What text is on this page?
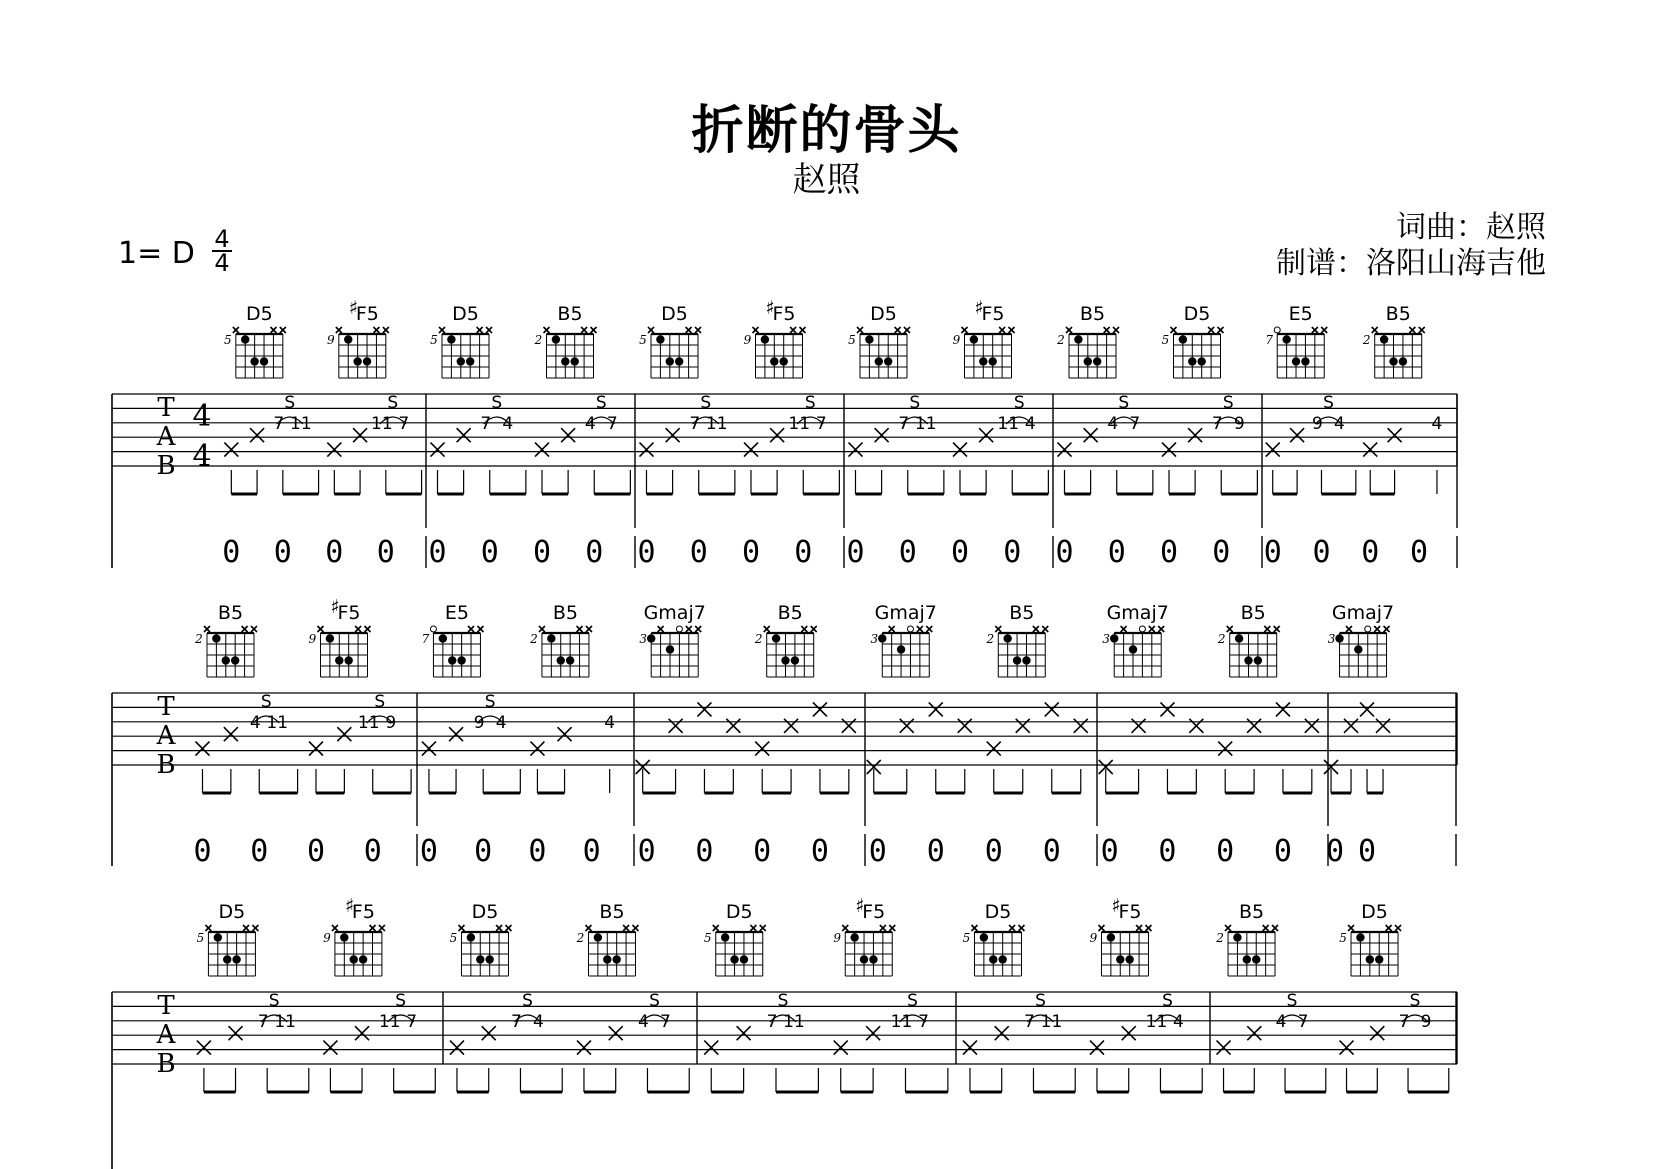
折断的骨头
赵照
词曲：赵照
制谱：洛阳山海吉他
1= D 4
4
T
A
B
4
4
D5
5
♯
F5
9
S
7 11
S
11 7
0 0 0 0
D5
5
B5
2
S
7 4
S
4 7
0 0 0 0
D5
5
♯
F5
9
S
7 11
S
11 7
0 0 0 0
D5
5
♯
F5
9
S
7 11
S
11 4
0 0 0 0
B5
2
D5
5
S
4 7
S
7 9
0 0 0 0
E5
7
B5
2
S
9 4	4
0 0 0 0
T
A
B
B5
2
♯
F5
9
S
4 11
S
11 9
0 0 0 0
E5
7
B5
2
S
9 4	4
0 0 0 0
Gmaj7
3
B5
2
0 0 0 0
Gmaj7
3
B5
2
0 0 0 0
Gmaj7
3
B5
2
0 0 0 0
Gmaj7
3
0 0
T
A
B
D5
5
♯
F5
9
S
7 11
S
11 7
D5
5
B5
2
S
7 4
S
4 7
D5
5
♯
F5
9
S
7 11
S
11 7
D5
5
♯
F5
9
S
7 11
S
11 4
B5
2
D5
5
S
4 7
S
7 9
